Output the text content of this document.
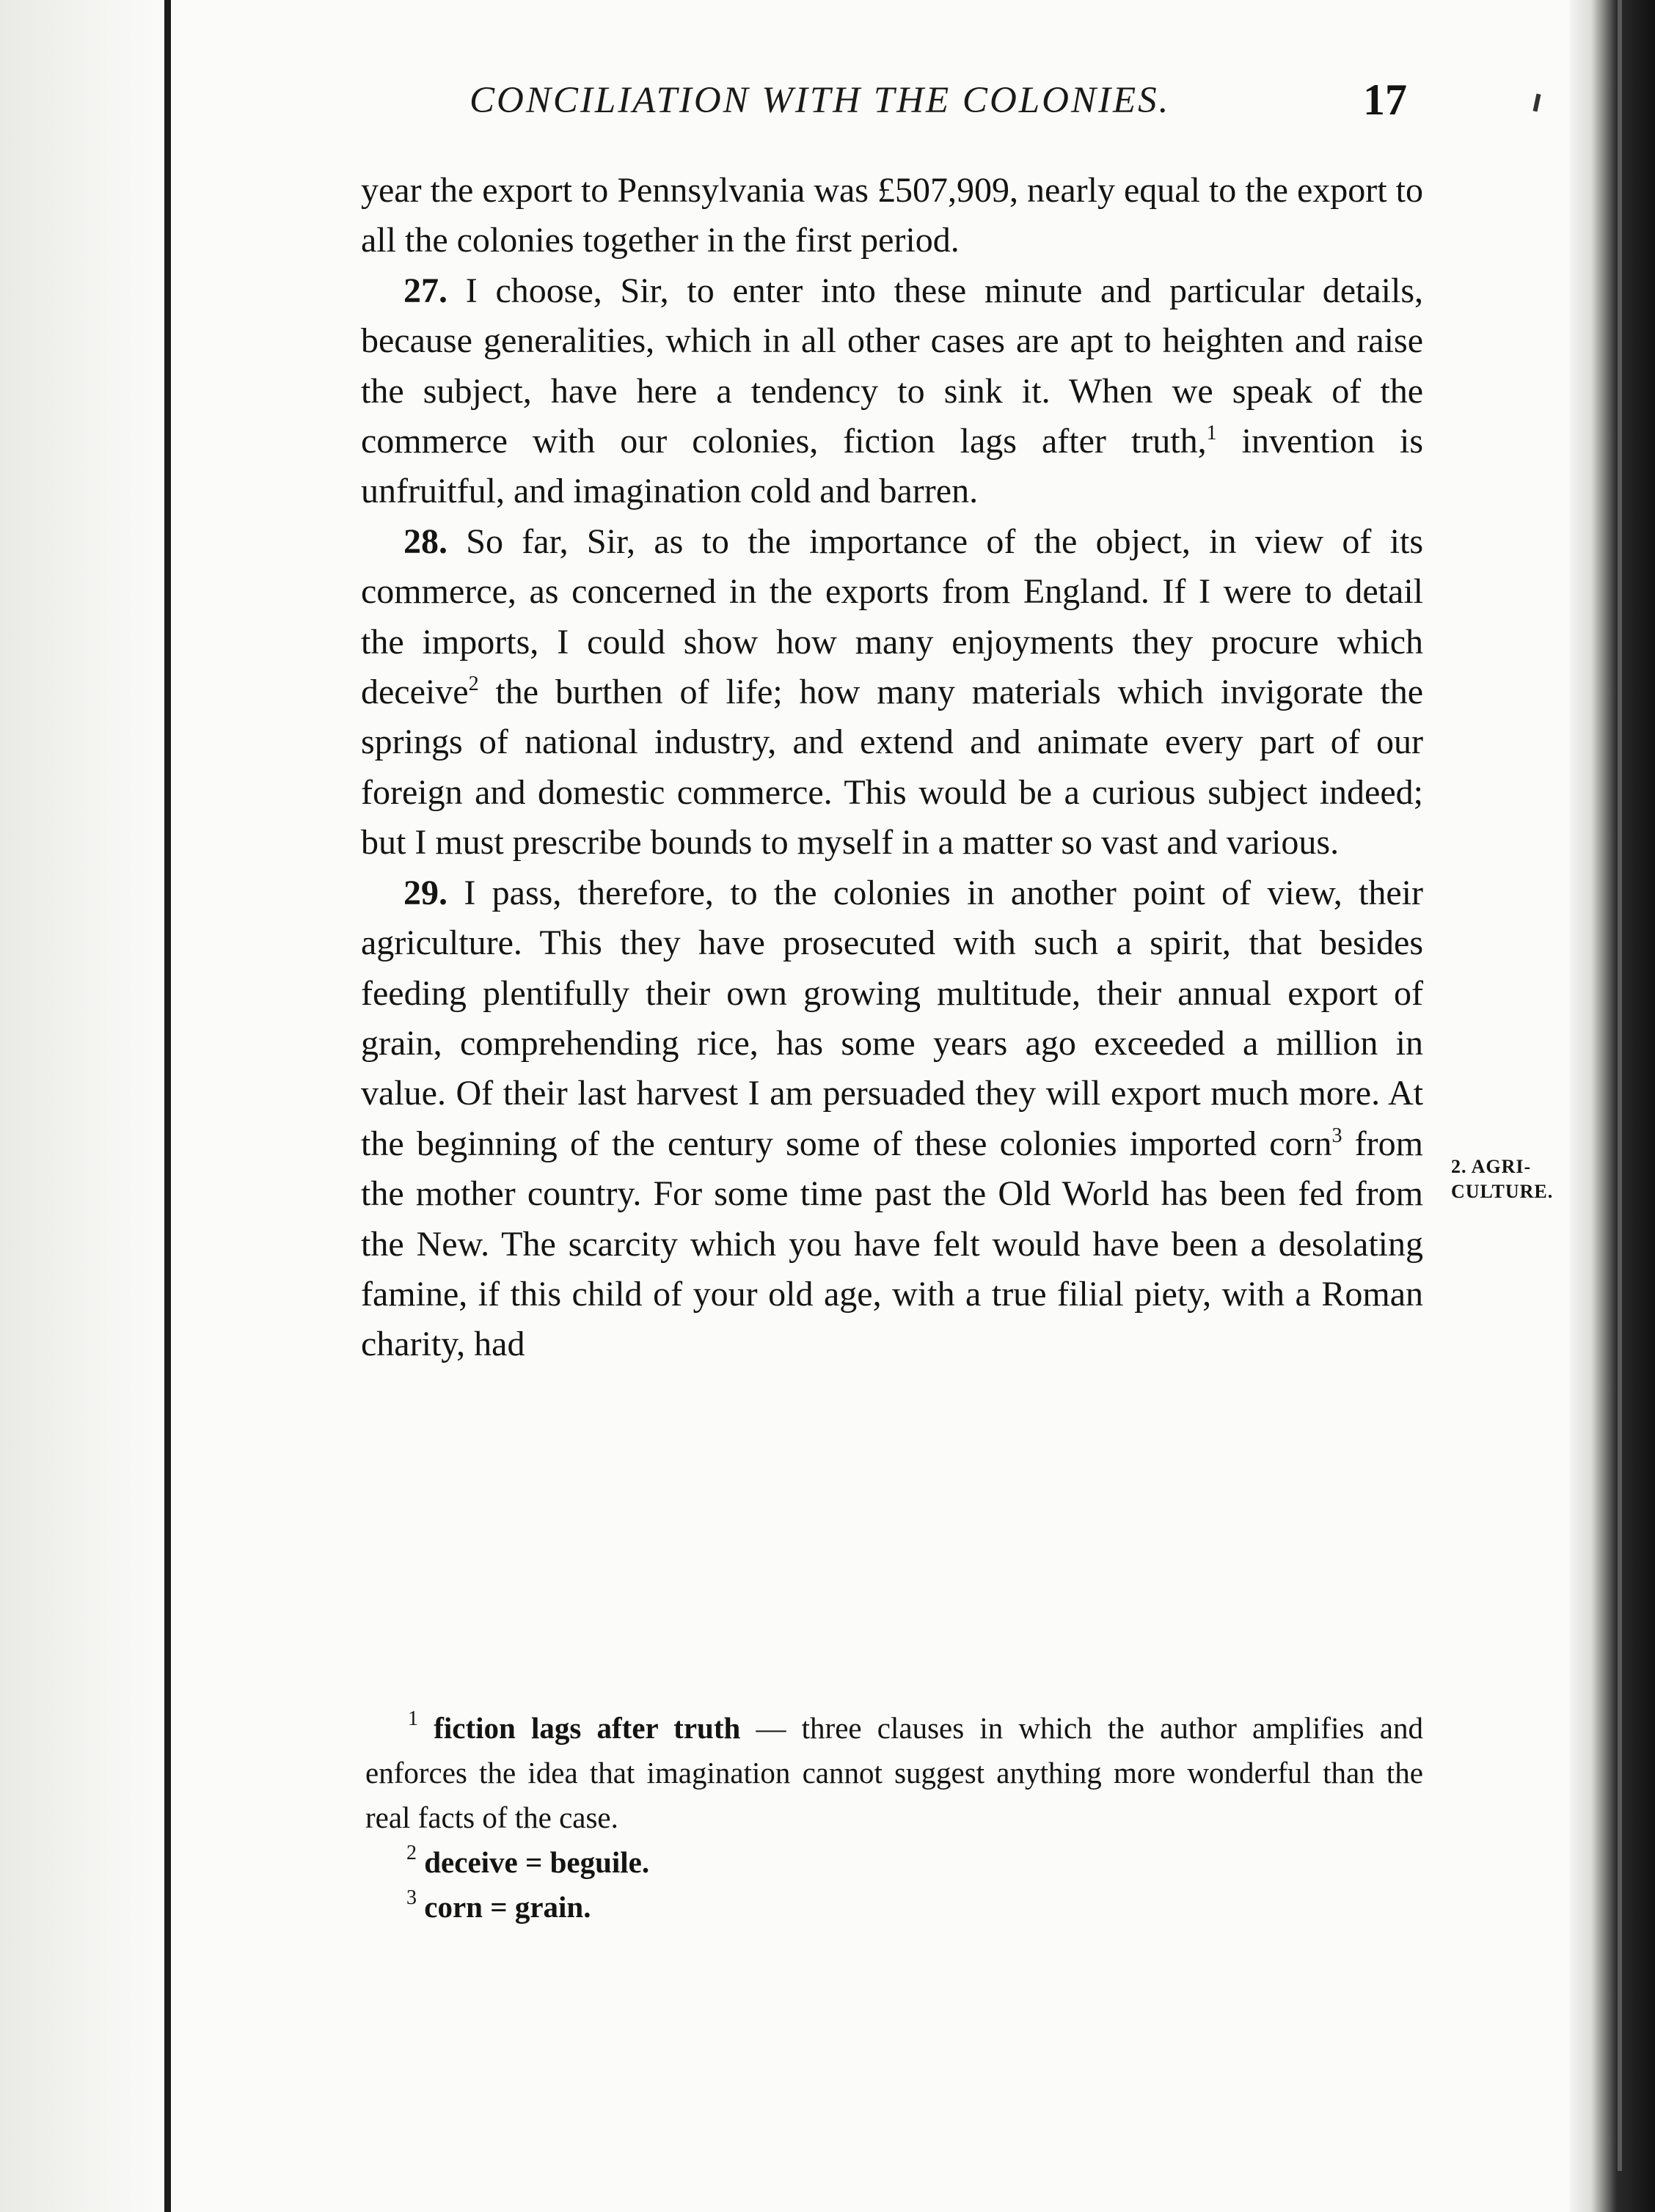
CONCILIATION WITH THE COLONIES.	17

year the export to Pennsylvania was £507,909, nearly equal to the export to all the colonies together in the first period.

27. I choose, Sir, to enter into these minute and particular details, because generalities, which in all other cases are apt to heighten and raise the subject, have here a tendency to sink it. When we speak of the commerce with our colonies, fiction lags after truth,$^1$ invention is unfruitful, and imagination cold and barren.

28. So far, Sir, as to the importance of the object, in view of its commerce, as concerned in the exports from England. If I were to detail the imports, I could show how many enjoyments they procure which deceive$^2$ the burthen of life; how many materials which invigorate the springs of national industry, and extend and animate every part of our foreign and domestic commerce. This would be a curious subject indeed; but I must prescribe bounds to myself in a matter so vast and various.

29. I pass, therefore, to the colonies in another point of view, their agriculture. This they have prosecuted with such a spirit, that besides feeding plentifully their own growing multitude, their annual export of grain, comprehending rice, has some years ago exceeded a million in value. Of their last harvest I am persuaded they will export much more. At the beginning of the century some of these colonies imported corn$^3$ from the mother country. For some time past the Old World has been fed from the New. The scarcity which you have felt would have been a desolating famine, if this child of your old age, with a true filial piety, with a Roman charity, had

2. AGRI-
CULTURE.

$^1$ fiction lags after truth — three clauses in which the author amplifies and enforces the idea that imagination cannot suggest anything more wonderful than the real facts of the case.

$^2$ deceive = beguile.

$^3$ corn = grain.
